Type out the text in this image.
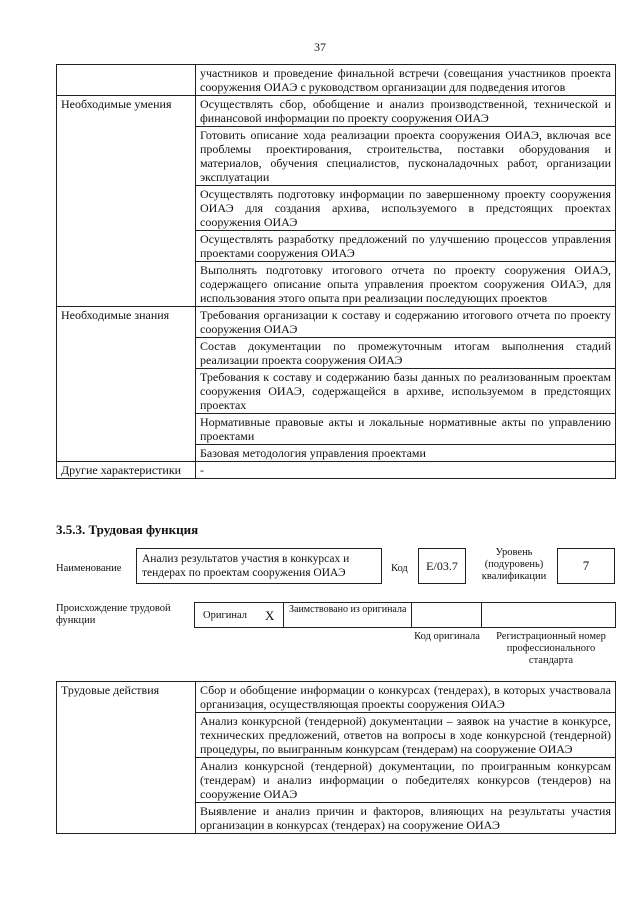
37
	участников и проведение финальной встречи (совещания участников проекта сооружения ОИАЭ с руководством организации для подведения итогов
Необходимые умения	Осуществлять сбор, обобщение и анализ производственной, технической и финансовой информации по проекту сооружения ОИАЭ
	Готовить описание хода реализации проекта сооружения ОИАЭ, включая все проблемы проектирования, строительства, поставки оборудования и материалов, обучения специалистов, пусконаладочных работ, организации эксплуатации
	Осуществлять подготовку информации по завершенному проекту сооружения ОИАЭ для создания архива, используемого в предстоящих проектах сооружения ОИАЭ
	Осуществлять разработку предложений по улучшению процессов управления проектами сооружения ОИАЭ
	Выполнять подготовку итогового отчета по проекту сооружения ОИАЭ, содержащего описание опыта управления проектом сооружения ОИАЭ, для использования этого опыта при реализации последующих проектов
Необходимые знания	Требования организации к составу и содержанию итогового отчета по проекту сооружения ОИАЭ
	Состав документации по промежуточным итогам выполнения стадий реализации проекта сооружения ОИАЭ
	Требования к составу и содержанию базы данных по реализованным проектам сооружения ОИАЭ, содержащейся в архиве, используемом в предстоящих проектах
	Нормативные правовые акты и локальные нормативные акты по управлению проектами
	Базовая методология управления проектами
Другие характеристики	-
3.5.3. Трудовая функция
Наименование
Анализ результатов участия в конкурсах и тендерах по проектам сооружения ОИАЭ	Код	E/03.7
Уровень (подуровень) квалификации
7
Происхождение трудовой функции	Оригинал X Заимствовано из оригинала
Код оригинала	Регистрационный номер профессионального стандарта
Трудовые действия	Сбор и обобщение информации о конкурсах (тендерах), в которых участвовала организация, осуществляющая проекты сооружения ОИАЭ
Анализ конкурсной (тендерной) документации – заявок на участие в конкурсе, технических предложений, ответов на вопросы в ходе конкурсной (тендерной) процедуры, по выигранным конкурсам (тендерам) на сооружение ОИАЭ
Анализ конкурсной (тендерной) документации, по проигранным конкурсам (тендерам) и анализ информации о победителях конкурсов (тендеров) на сооружение ОИАЭ
Выявление и анализ причин и факторов, влияющих на результаты участия организации в конкурсах (тендерах) на сооружение ОИАЭ
